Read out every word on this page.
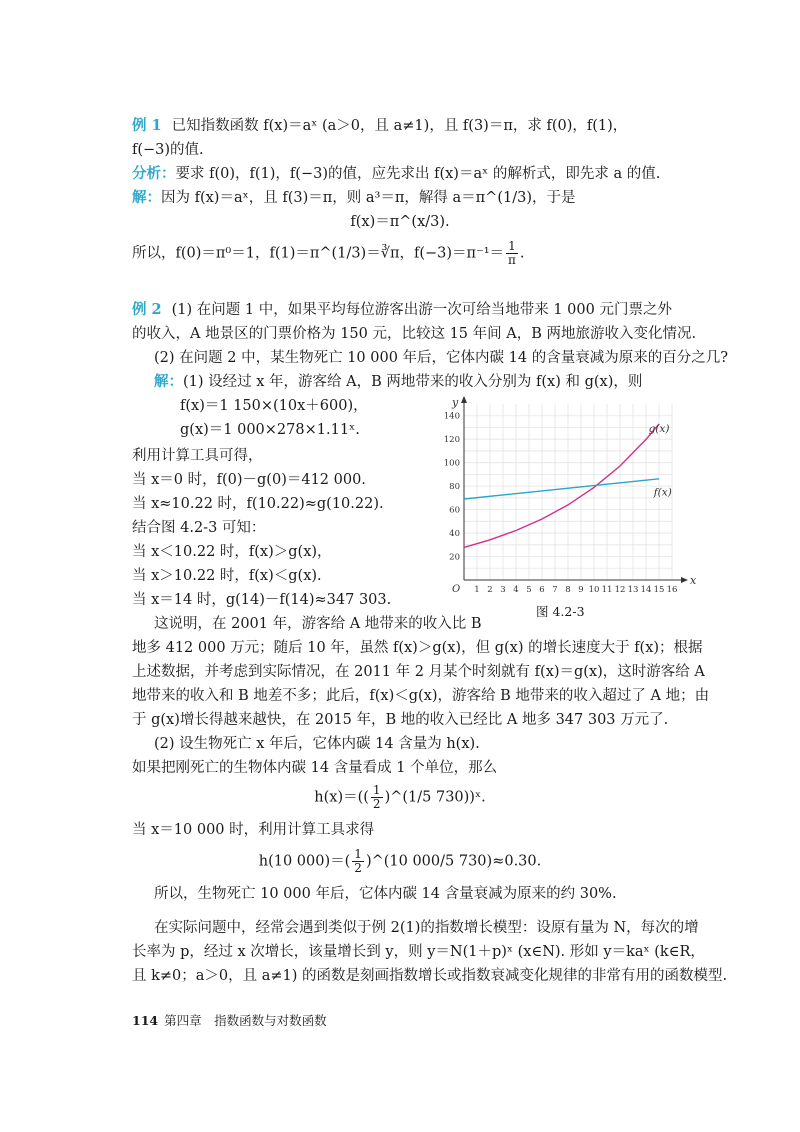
例 1 已知指数函数 f(x)＝aˣ (a＞0，且 a≠1)，且 f(3)＝π，求 f(0)，f(1)，
f(−3)的值.
分析：要求 f(0)，f(1)，f(−3)的值，应先求出 f(x)＝aˣ 的解析式，即先求 a 的值.
解：因为 f(x)＝aˣ，且 f(3)＝π，则 a³＝π，解得 a＝π^(1/3)，于是
f(x)＝π^(x/3).
所以，f(0)＝π⁰＝1，f(1)＝π^(1/3)＝∛π，$f(-3)=\pi^{-1}= \frac{1}{\pi}$ .
例 2 (1) 在问题 1 中，如果平均每位游客出游一次可给当地带来 1 000 元门票之外
的收入，A 地景区的门票价格为 150 元，比较这 15 年间 A，B 两地旅游收入变化情况.
(2) 在问题 2 中，某生物死亡 10 000 年后，它体内碳 14 的含量衰减为原来的百分之几?
解：(1) 设经过 x 年，游客给 A，B 两地带来的收入分别为 f(x) 和 g(x)，则
f(x)＝1 150×(10x＋600)，
g(x)＝1 000×278×1.11ˣ.
利用计算工具可得，
当 x＝0 时，f(0)－g(0)＝412 000.
当 x≈10.22 时，f(10.22)≈g(10.22).
结合图 4.2-3 可知：
当 x＜10.22 时，f(x)＞g(x)，
当 x＞10.22 时，f(x)＜g(x).
当 x＝14 时，g(14)－f(14)≈347 303.
这说明，在 2001 年，游客给 A 地带来的收入比 B
地多 412 000 万元；随后 10 年，虽然 f(x)＞g(x)，但 g(x) 的增长速度大于 f(x)；根据
上述数据，并考虑到实际情况，在 2011 年 2 月某个时刻就有 f(x)＝g(x)，这时游客给 A
地带来的收入和 B 地差不多；此后，f(x)＜g(x)，游客给 B 地带来的收入超过了 A 地；由
于 g(x)增长得越来越快，在 2015 年，B 地的收入已经比 A 地多 347 303 万元了.
(2) 设生物死亡 x 年后，它体内碳 14 含量为 h(x).
如果把刚死亡的生物体内碳 14 含量看成 1 个单位，那么
$h(x)=(( \frac{1}{2}$ )^(1/5 730))ˣ.
当 x＝10 000 时，利用计算工具求得
h(10 $000)=( \frac{1}{2}$ )^(10 000/5 730)≈0.30.
所以，生物死亡 10 000 年后，它体内碳 14 含量衰减为原来的约 30%.
在实际问题中，经常会遇到类似于例 2(1)的指数增长模型：设原有量为 N，每次的增
长率为 p，经过 x 次增长，该量增长到 y，则 y＝N(1＋p)ˣ (x∈N). 形如 y＝kaˣ (k∈R，
且 k≠0；a＞0，且 a≠1) 的函数是刻画指数增长或指数衰减变化规律的非常有用的函数模型.
x
y
O 1 2 3 4 5 6 7 8 9 10 11 12 13 14 15 16
20
40
60
80
100
120
140
g(x)
f(x)
图 4.2-3
114 第四章　指数函数与对数函数
